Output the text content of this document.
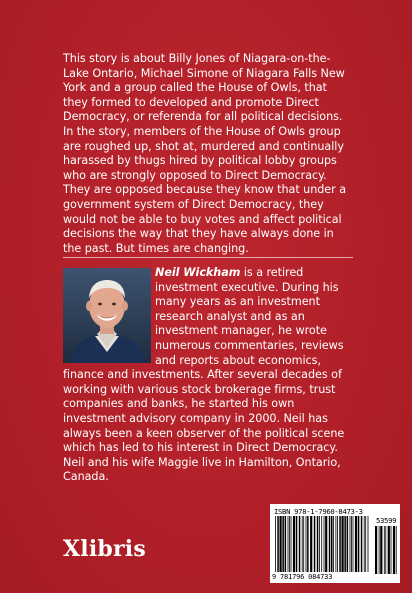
This story is about Billy Jones of Niagara-on-the-Lake Ontario, Michael Simone of Niagara Falls New York and a group called the House of Owls, that they formed to developed and promote Direct Democracy, or referenda for all political decisions. In the story, members of the House of Owls group are roughed up, shot at, murdered and continually harassed by thugs hired by political lobby groups who are strongly opposed to Direct Democracy. They are opposed because they know that under a government system of Direct Democracy, they would not be able to buy votes and affect political decisions the way that they have always done in the past. But times are changing.

Neil Wickham is a retired investment executive. During his many years as an investment research analyst and as an investment manager, he wrote numerous commentaries, reviews and reports about economics, finance and investments. After several decades of working with various stock brokerage firms, trust companies and banks, he started his own investment advisory company in 2000. Neil has always been a keen observer of the political scene which has led to his interest in Direct Democracy. Neil and his wife Maggie live in Hamilton, Ontario, Canada.
Xlibris
ISBN 978-1-7960-8473-3
53599
9 781796 084733
